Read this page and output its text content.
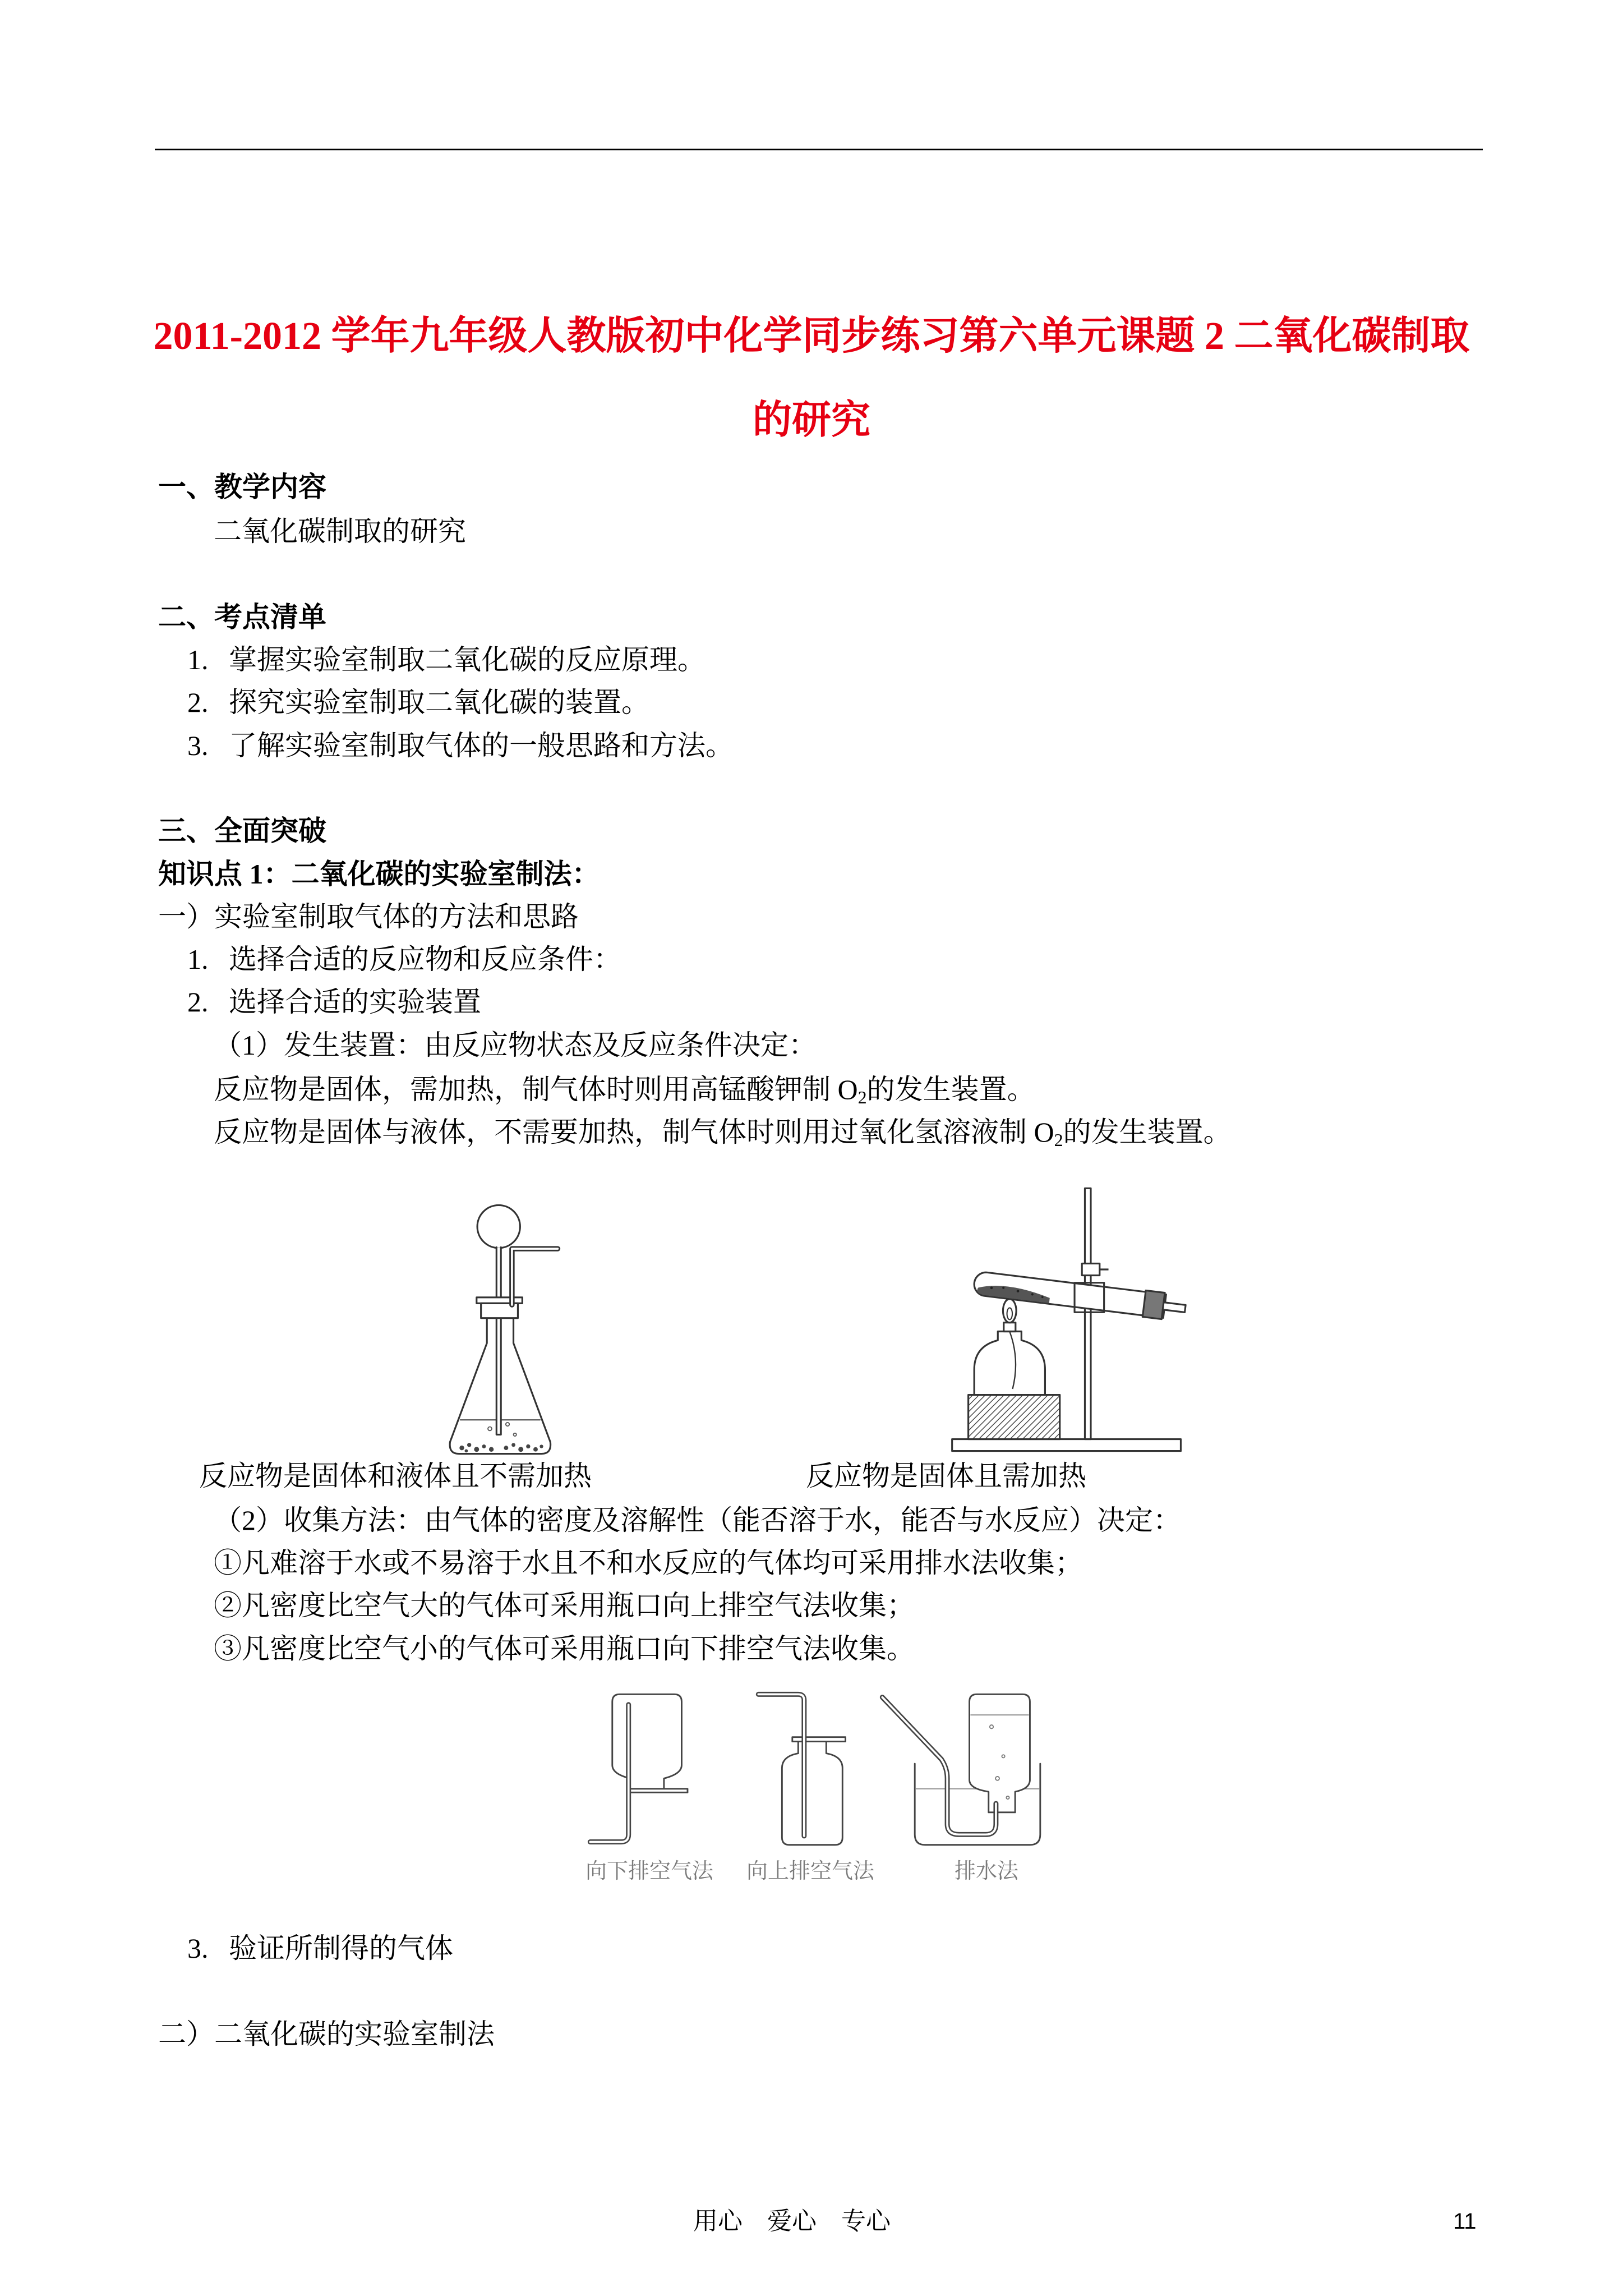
2011-2012 学年九年级人教版初中化学同步练习第六单元课题 2 二氧化碳制取
的研究
一、教学内容
二氧化碳制取的研究
二、考点清单
1. 掌握实验室制取二氧化碳的反应原理。
2. 探究实验室制取二氧化碳的装置。
3. 了解实验室制取气体的一般思路和方法。
三、全面突破
知识点 1：二氧化碳的实验室制法：
一）实验室制取气体的方法和思路
1. 选择合适的反应物和反应条件：
2. 选择合适的实验装置
（1）发生装置：由反应物状态及反应条件决定：
反应物是固体，需加热，制气体时则用高锰酸钾制 $O_2$的发生装置。
反应物是固体与液体，不需要加热，制气体时则用过氧化氢溶液制 $O_2$的发生装置。
反应物是固体和液体且不需加热	反应物是固体且需加热
（2）收集方法：由气体的密度及溶解性（能否溶于水，能否与水反应）决定：
①凡难溶于水或不易溶于水且不和水反应的气体均可采用排水法收集；
②凡密度比空气大的气体可采用瓶口向上排空气法收集；
③凡密度比空气小的气体可采用瓶口向下排空气法收集。
向下排空气法 向上排空气法	排水法
3. 验证所制得的气体
二）二氧化碳的实验室制法
用心　爱心　专心	11
